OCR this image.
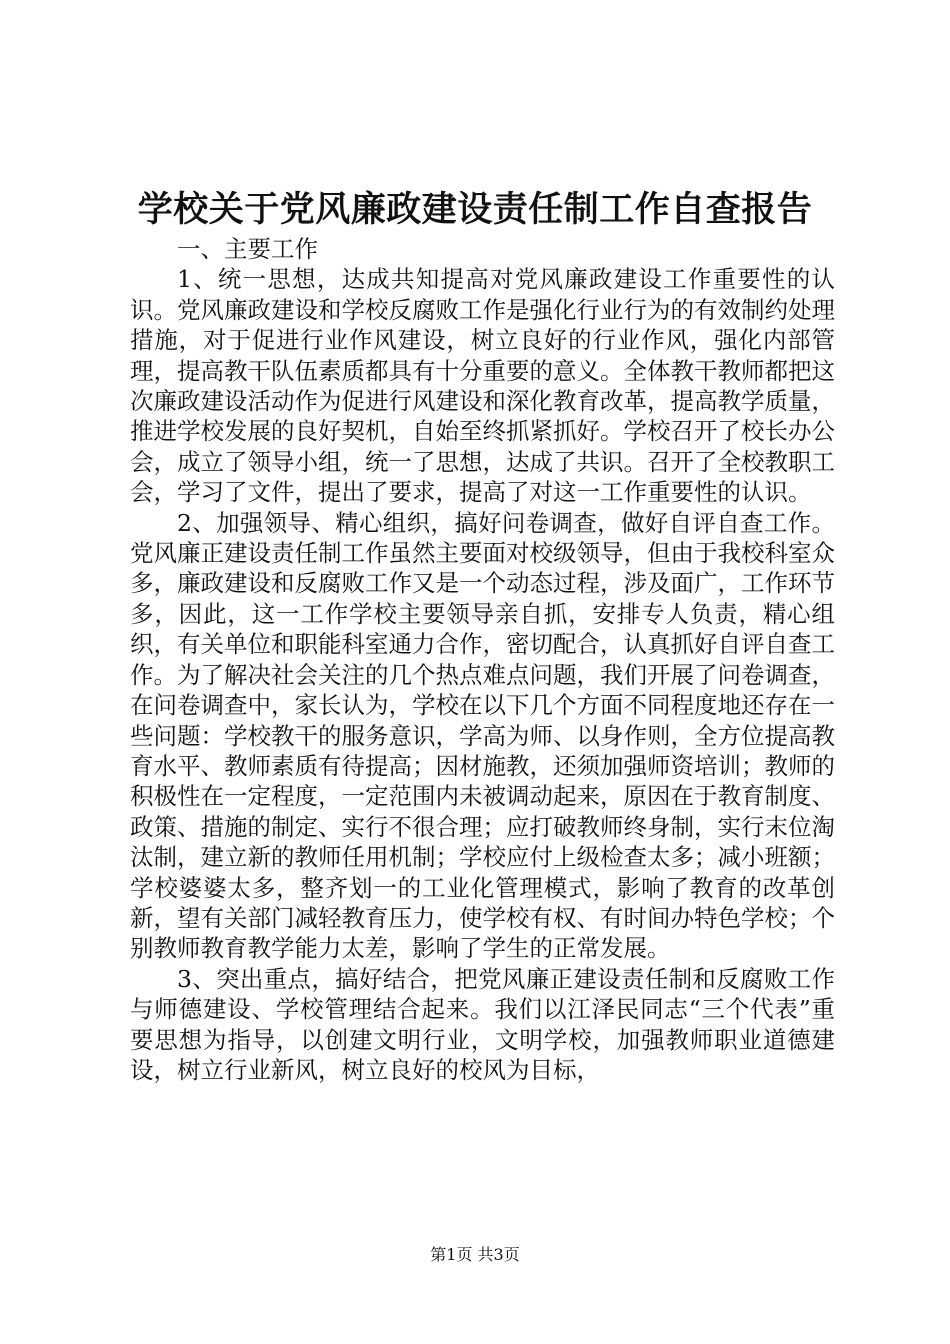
学校关于党风廉政建设责任制工作自查报告

一、主要工作

1、统一思想，达成共知提高对党风廉政建设工作重要性的认识。党风廉政建设和学校反腐败工作是强化行业行为的有效制约处理措施，对于促进行业作风建设，树立良好的行业作风，强化内部管理，提高教干队伍素质都具有十分重要的意义。全体教干教师都把这次廉政建设活动作为促进行风建设和深化教育改革，提高教学质量，推进学校发展的良好契机，自始至终抓紧抓好。学校召开了校长办公会，成立了领导小组，统一了思想，达成了共识。召开了全校教职工会，学习了文件，提出了要求，提高了对这一工作重要性的认识。

2、加强领导、精心组织，搞好问卷调查，做好自评自查工作。党风廉正建设责任制工作虽然主要面对校级领导，但由于我校科室众多，廉政建设和反腐败工作又是一个动态过程，涉及面广，工作环节多，因此，这一工作学校主要领导亲自抓，安排专人负责，精心组织，有关单位和职能科室通力合作，密切配合，认真抓好自评自查工作。为了解决社会关注的几个热点难点问题，我们开展了问卷调查，在问卷调查中，家长认为，学校在以下几个方面不同程度地还存在一些问题：学校教干的服务意识，学高为师、以身作则，全方位提高教育水平、教师素质有待提高；因材施教，还须加强师资培训；教师的积极性在一定程度，一定范围内未被调动起来，原因在于教育制度、政策、措施的制定、实行不很合理；应打破教师终身制，实行末位淘汰制，建立新的教师任用机制；学校应付上级检查太多；减小班额；学校婆婆太多，整齐划一的工业化管理模式，影响了教育的改革创新，望有关部门减轻教育压力，使学校有权、有时间办特色学校；个别教师教育教学能力太差，影响了学生的正常发展。

3、突出重点，搞好结合，把党风廉正建设责任制和反腐败工作与师德建设、学校管理结合起来。我们以江泽民同志“三个代表”重要思想为指导，以创建文明行业，文明学校，加强教师职业道德建设，树立行业新风，树立良好的校风为目标，

第1页 共3页
